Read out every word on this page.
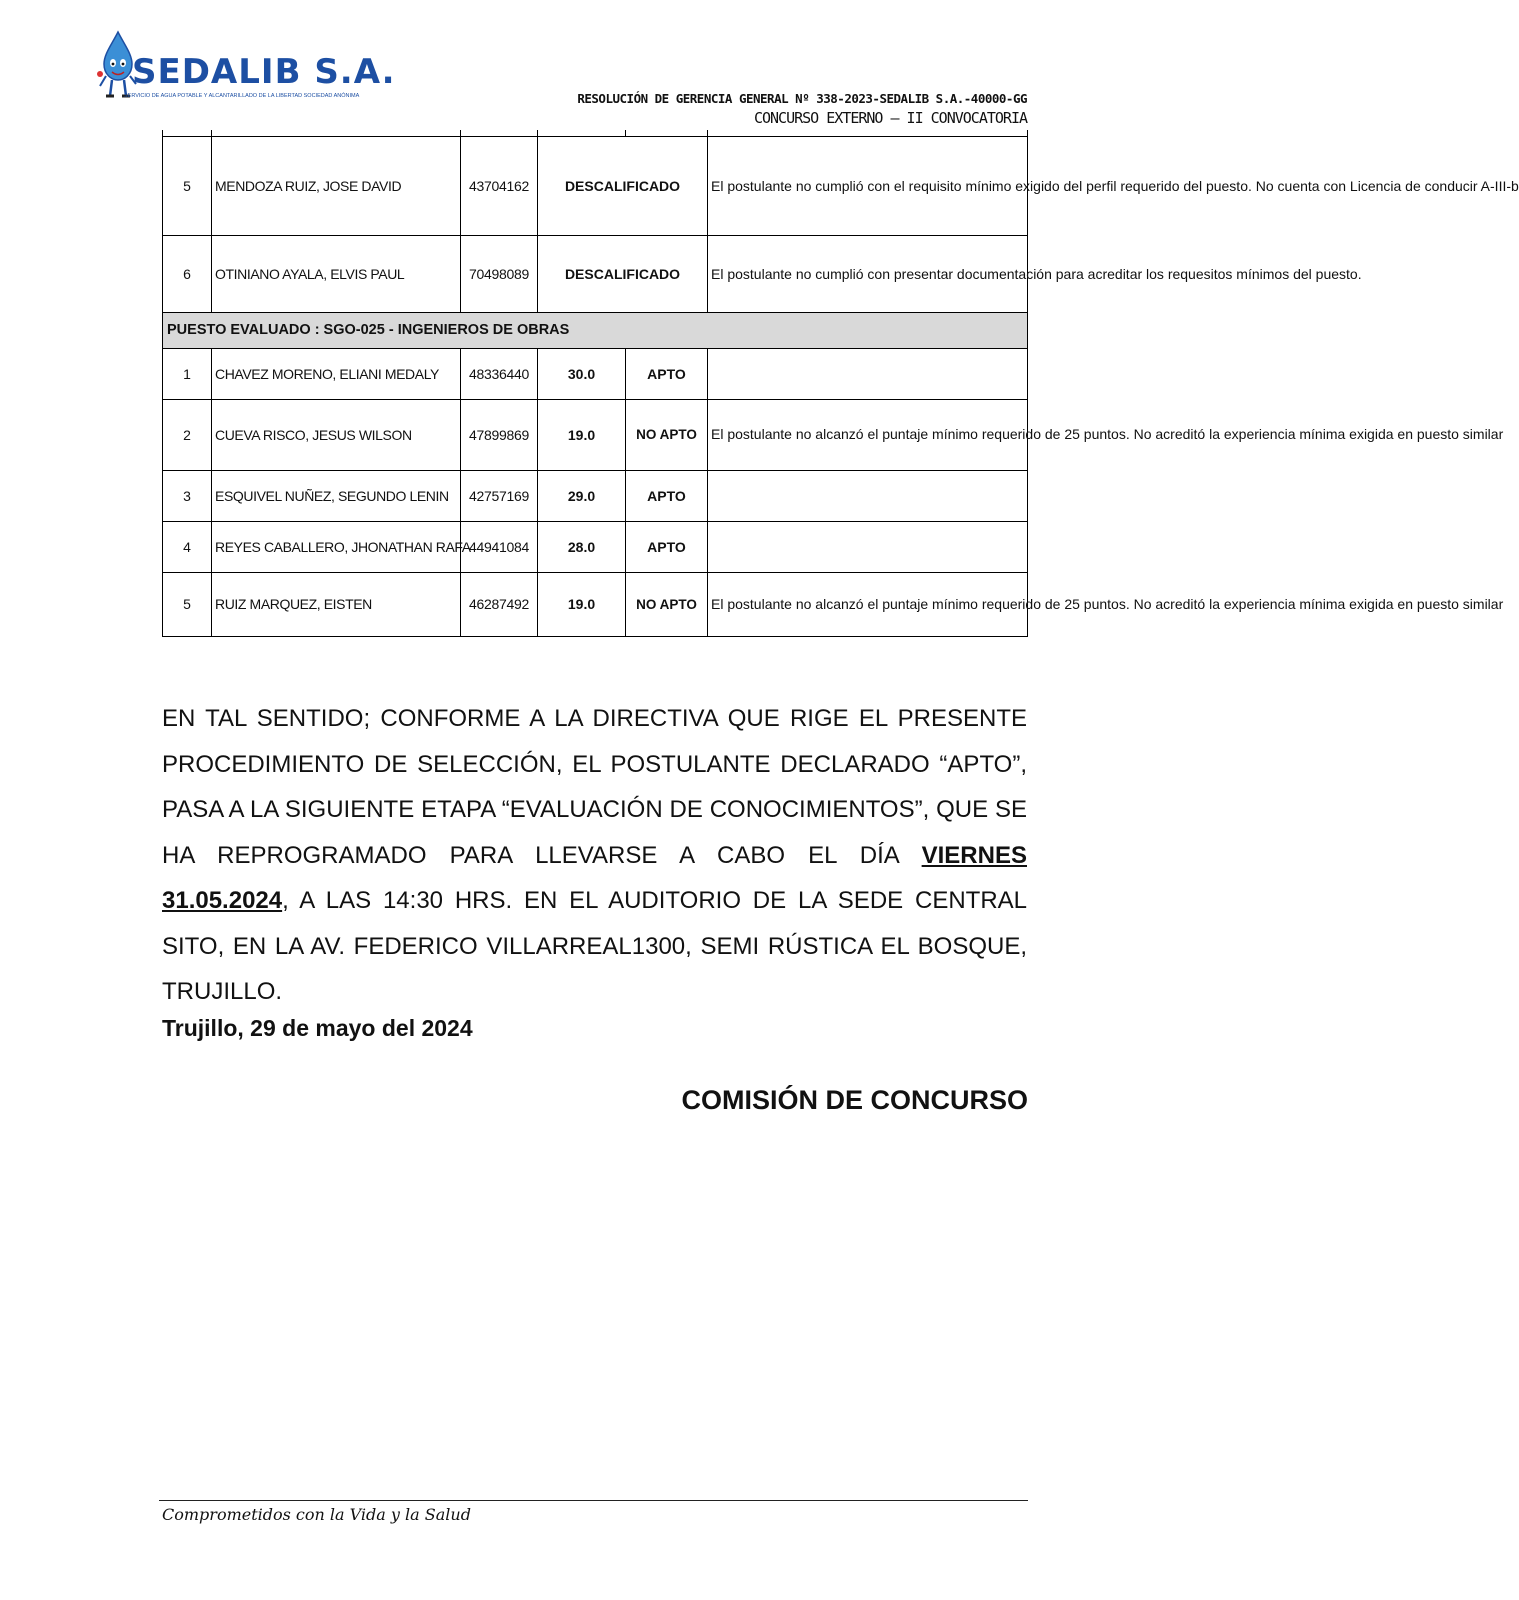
SEDALIB S.A.
SERVICIO DE AGUA POTABLE Y ALCANTARILLADO DE LA LIBERTAD SOCIEDAD ANÓNIMA	RESOLUCIÓN DE GERENCIA GENERAL Nº 338-2023-SEDALIB S.A.-40000-GG
CONCURSO EXTERNO – II CONVOCATORIA

5	MENDOZA RUIZ, JOSE DAVID	43704162	DESCALIFICADO		El postulante no cumplió con el requisito mínimo exigido del perfil requerido del puesto. No cuenta con Licencia de conducir A-III-b
6	OTINIANO AYALA, ELVIS PAUL	70498089	DESCALIFICADO		El postulante no cumplió con presentar documentación para acreditar los requesitos mínimos del puesto.
PUESTO EVALUADO : SGO-025 - INGENIEROS DE OBRAS					
1	CHAVEZ MORENO, ELIANI MEDALY	48336440	30.0	APTO	
2	CUEVA RISCO, JESUS WILSON	47899869	19.0	NO APTO	El postulante no alcanzó el puntaje mínimo requerido de 25 puntos. No acreditó la experiencia mínima exigida en puesto similar
3	ESQUIVEL NUÑEZ, SEGUNDO LENIN	42757169	29.0	APTO	
4	REYES CABALLERO, JHONATHAN RAFA	44941084	28.0	APTO	
5	RUIZ MARQUEZ, EISTEN	46287492	19.0	NO APTO	El postulante no alcanzó el puntaje mínimo requerido de 25 puntos. No acreditó la experiencia mínima exigida en puesto similar
EN TAL SENTIDO; CONFORME A LA DIRECTIVA QUE RIGE EL PRESENTE PROCEDIMIENTO DE SELECCIÓN, EL POSTULANTE DECLARADO “APTO”, PASA A LA SIGUIENTE ETAPA “EVALUACIÓN DE CONOCIMIENTOS”, QUE SE HA REPROGRAMADO PARA LLEVARSE A CABO EL DÍA VIERNES 31.05.2024, A LAS 14:30 HRS. EN EL AUDITORIO DE LA SEDE CENTRAL SITO, EN LA AV. FEDERICO VILLARREAL1300, SEMI RÚSTICA EL BOSQUE, TRUJILLO.
Trujillo, 29 de mayo del 2024
COMISIÓN DE CONCURSO
Comprometidos con la Vida y la Salud
